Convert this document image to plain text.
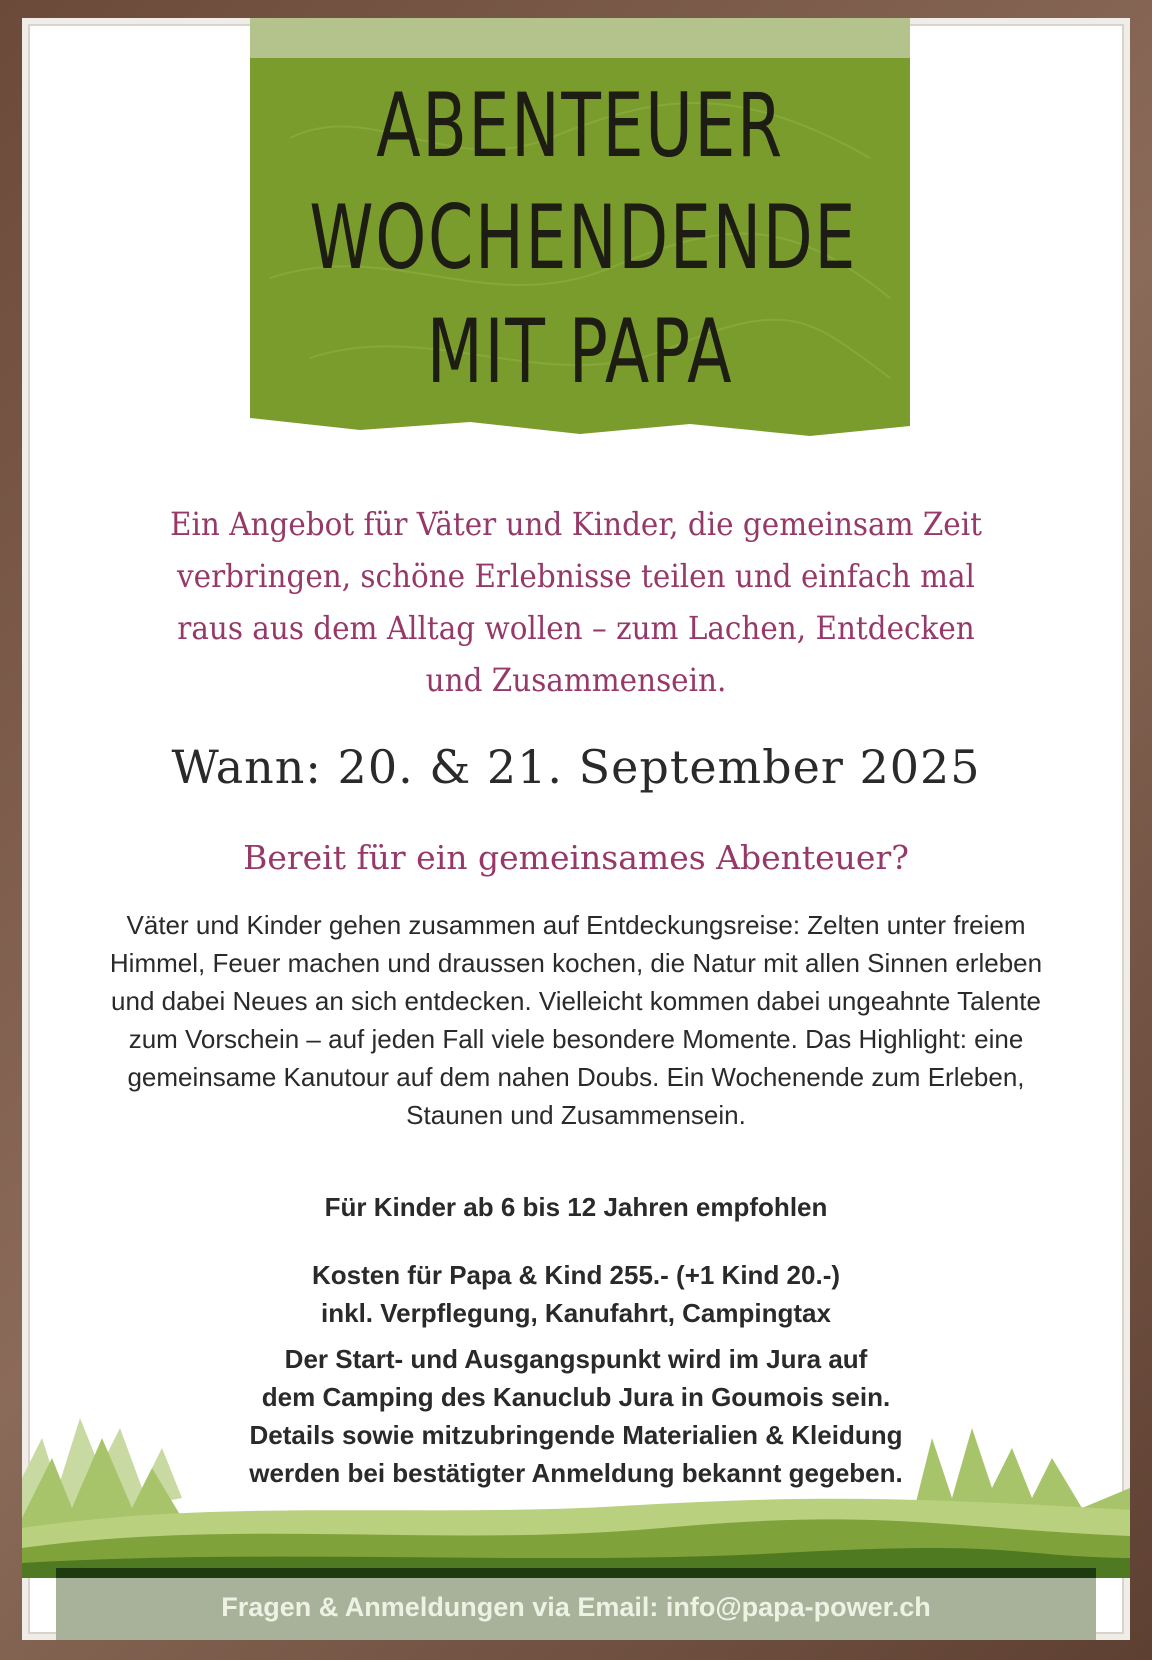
ABENTEUER
WOCHENDENDE
MIT PAPA
Ein Angebot für Väter und Kinder, die gemeinsam Zeit verbringen, schöne Erlebnisse teilen und einfach mal raus aus dem Alltag wollen – zum Lachen, Entdecken und Zusammensein.
Wann: 20. & 21. September 2025
Bereit für ein gemeinsames Abenteuer?
Väter und Kinder gehen zusammen auf Entdeckungsreise: Zelten unter freiem Himmel, Feuer machen und draussen kochen, die Natur mit allen Sinnen erleben und dabei Neues an sich entdecken. Vielleicht kommen dabei ungeahnte Talente zum Vorschein – auf jeden Fall viele besondere Momente. Das Highlight: eine gemeinsame Kanutour auf dem nahen Doubs. Ein Wochenende zum Erleben, Staunen und Zusammensein.
Für Kinder ab 6 bis 12 Jahren empfohlen
Kosten für Papa & Kind 255.- (+1 Kind 20.-)
inkl. Verpflegung, Kanufahrt, Campingtax
Der Start- und Ausgangspunkt wird im Jura auf
dem Camping des Kanuclub Jura in Goumois sein.
Details sowie mitzubringende Materialien & Kleidung
werden bei bestätigter Anmeldung bekannt gegeben.
Fragen & Anmeldungen via Email: info@papa-power.ch
